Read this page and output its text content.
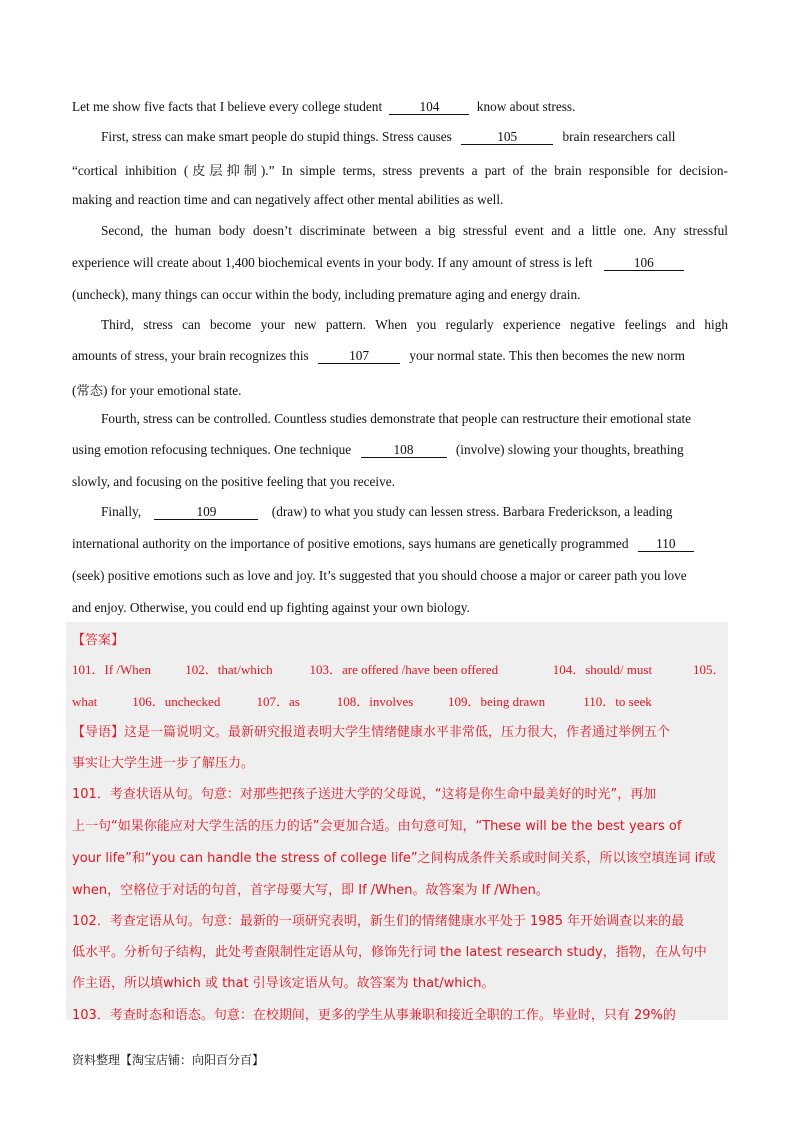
Let me show five facts that I believe every college student	104	know about stress.
First, stress can make smart people do stupid things. Stress causes	105	brain researchers call
“cortical inhibition (皮层抑制).” In simple terms, stress prevents a part of the brain responsible for decision-
making and reaction time and can negatively affect other mental abilities as well.
Second, the human body doesn’t discriminate between a big stressful event and a little one. Any stressful
experience will create about 1,400 biochemical events in your body. If any amount of stress is left	106
(uncheck), many things can occur within the body, including premature aging and energy drain.
Third, stress can become your new pattern. When you regularly experience negative feelings and high
amounts of stress, your brain recognizes this	107	your normal state. This then becomes the new norm
(常态) for your emotional state.
Fourth, stress can be controlled. Countless studies demonstrate that people can restructure their emotional state
using emotion refocusing techniques. One technique	108	(involve) slowing your thoughts, breathing
slowly, and focusing on the positive feeling that you receive.
Finally,	109	(draw) to what you study can lessen stress. Barbara Frederickson, a leading
international authority on the importance of positive emotions, says humans are genetically programmed 110
(seek) positive emotions such as love and joy. It’s suggested that you should choose a major or career path you love
and enjoy. Otherwise, you could end up fighting against your own biology.
【答案】
101．If /When	102．that/which	103．are offered /have been offered	104．should/ must	105．
what	106．unchecked	107．as	108．involves	109．being drawn	110．to seek
【导语】这是一篇说明文。最新研究报道表明大学生情绪健康水平非常低，压力很大，作者通过举例五个
事实让大学生进一步了解压力。
101．考查状语从句。句意：对那些把孩子送进大学的父母说，“这将是你生命中最美好的时光”，再加
上一句“如果你能应对大学生活的压力的话”会更加合适。由句意可知，“These will be the best years of
your life”和“you can handle the stress of college life”之间构成条件关系或时间关系，所以该空填连词 if或
when，空格位于对话的句首，首字母要大写，即 If /When。故答案为 If /When。
102．考查定语从句。句意：最新的一项研究表明，新生们的情绪健康水平处于 1985 年开始调查以来的最
低水平。分析句子结构，此处考查限制性定语从句，修饰先行词 the latest research study，指物，在从句中
作主语，所以填which 或 that 引导该定语从句。故答案为 that/which。
103．考查时态和语态。句意：在校期间，更多的学生从事兼职和接近全职的工作。毕业时，只有 29%的
资料整理【淘宝店铺：向阳百分百】
